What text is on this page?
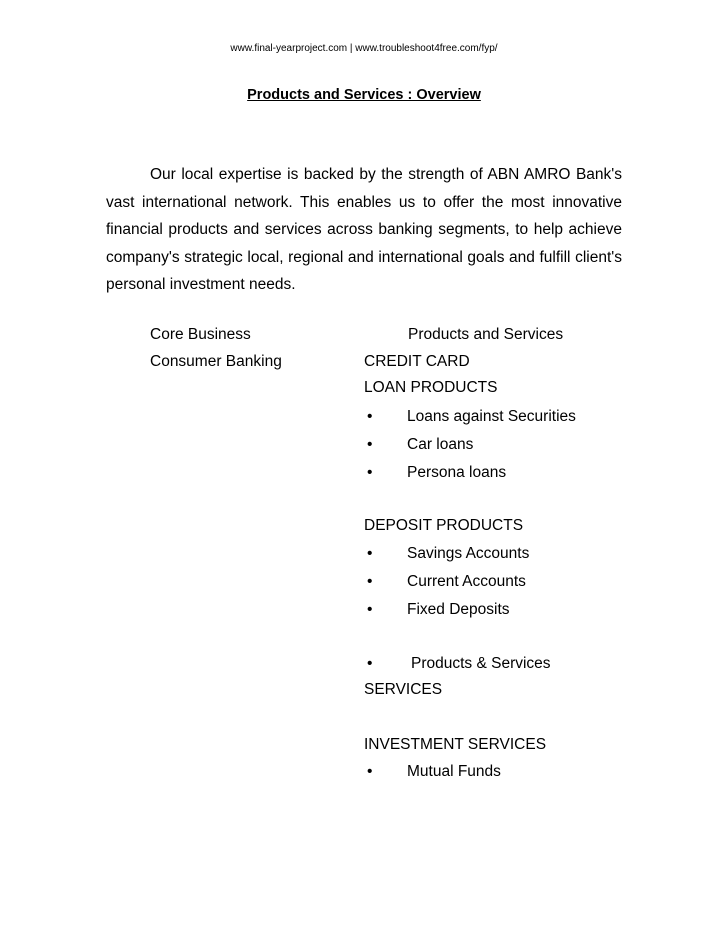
www.final-yearproject.com | www.troubleshoot4free.com/fyp/
Products and Services : Overview
Our local expertise is backed by the strength of ABN AMRO Bank's vast international network. This enables us to offer the most innovative financial products and services across banking segments, to help achieve company's strategic local, regional and international goals and fulfill client's personal investment needs.
Core Business	Products and Services
Consumer Banking	CREDIT CARD
LOAN PRODUCTS
• Loans against Securities
• Car loans
• Persona loans
DEPOSIT PRODUCTS
• Savings Accounts
• Current Accounts
• Fixed Deposits
• Products & Services
SERVICES
INVESTMENT SERVICES
• Mutual Funds
